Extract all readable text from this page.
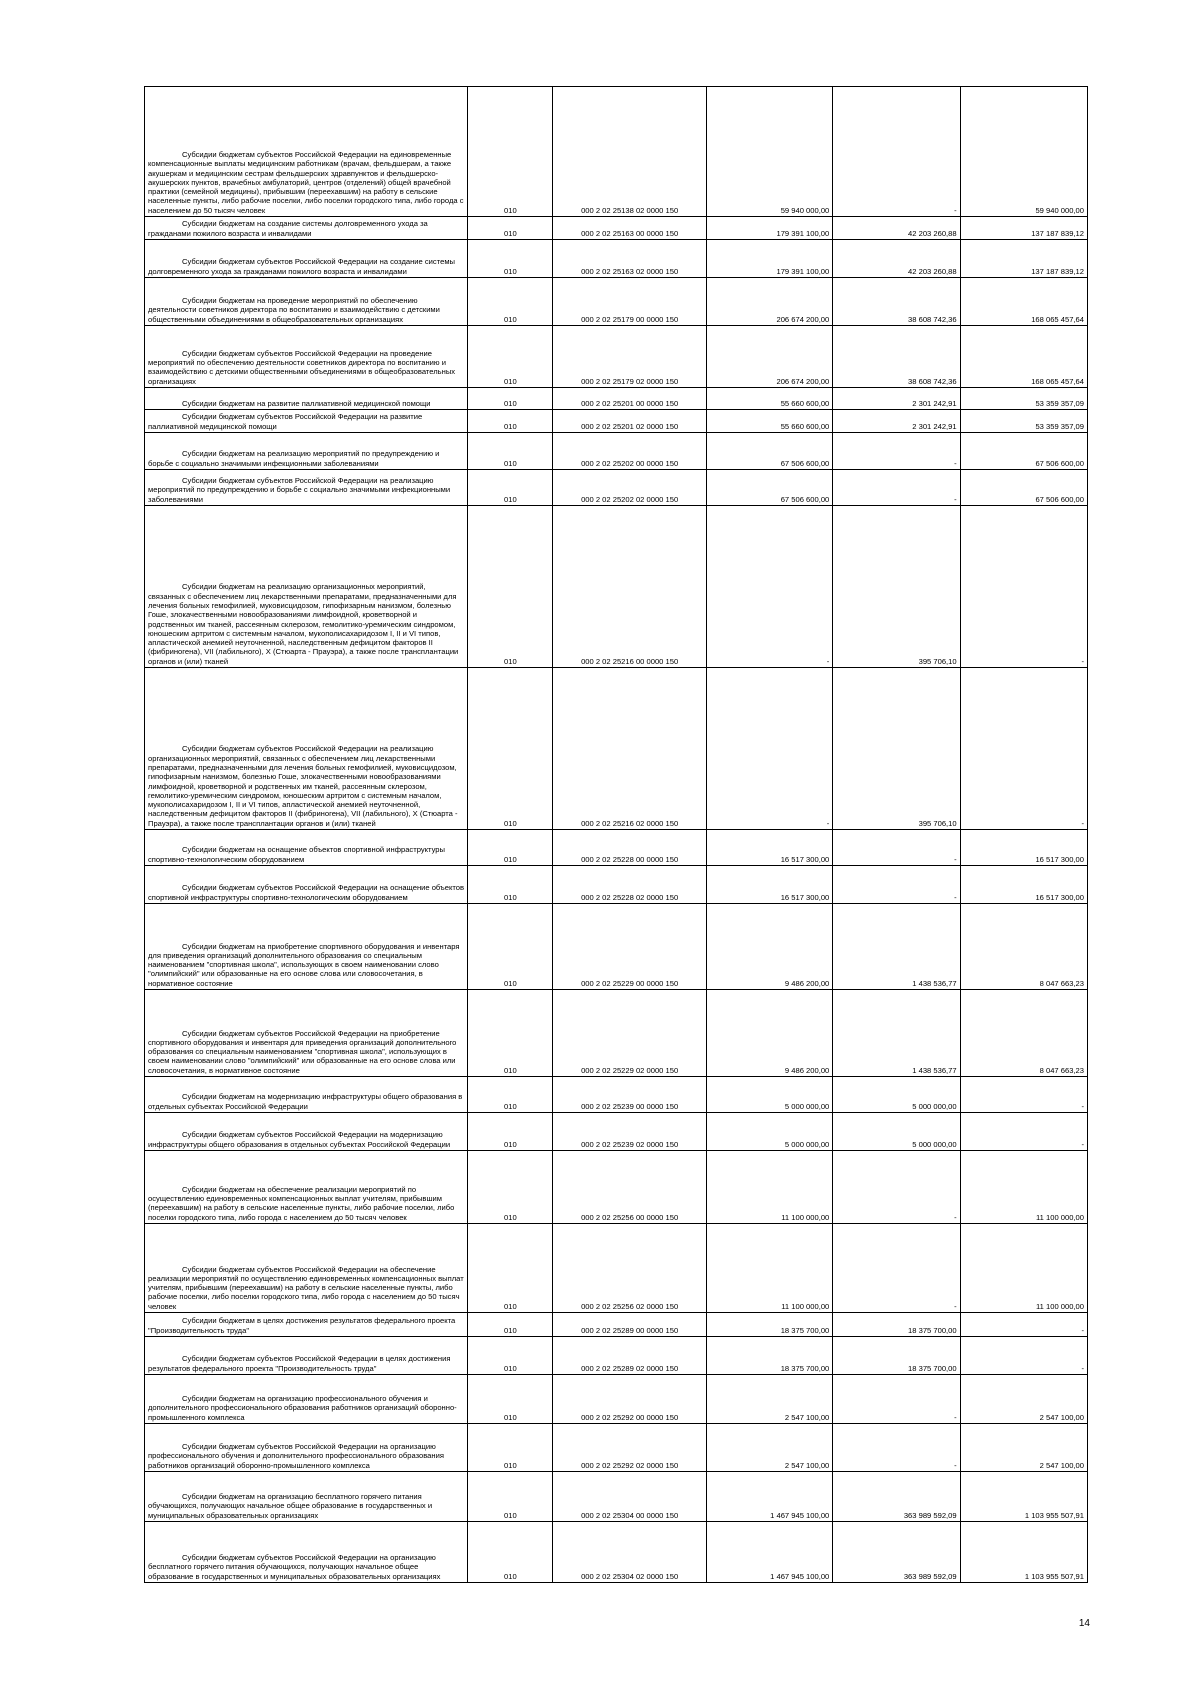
Субсидии бюджетам субъектов Российской Федерации на единовременные компенсационные выплаты медицинским работникам (врачам, фельдшерам, а также акушеркам и медицинским сестрам фельдшерских здравпунктов и фельдшерско-акушерских пунктов, врачебных амбулаторий, центров (отделений) общей врачебной практики (семейной медицины), прибывшим (переехавшим) на работу в сельские населенные пункты, либо рабочие поселки, либо поселки городского типа, либо города с населением до 50 тысяч человек	010	000 2 02 25138 02 0000 150	59 940 000,00	-	59 940 000,00
Субсидии бюджетам на создание системы долговременного ухода за гражданами пожилого возраста и инвалидами	010	000 2 02 25163 00 0000 150	179 391 100,00	42 203 260,88	137 187 839,12
Субсидии бюджетам субъектов Российской Федерации на создание системы долговременного ухода за гражданами пожилого возраста и инвалидами	010	000 2 02 25163 02 0000 150	179 391 100,00	42 203 260,88	137 187 839,12
Субсидии бюджетам на проведение мероприятий по обеспечению деятельности советников директора по воспитанию и взаимодействию с детскими общественными объединениями в общеобразовательных организациях	010	000 2 02 25179 00 0000 150	206 674 200,00	38 608 742,36	168 065 457,64
Субсидии бюджетам субъектов Российской Федерации на проведение мероприятий по обеспечению деятельности советников директора по воспитанию и взаимодействию с детскими общественными объединениями в общеобразовательных организациях	010	000 2 02 25179 02 0000 150	206 674 200,00	38 608 742,36	168 065 457,64
Субсидии бюджетам на развитие паллиативной медицинской помощи	010	000 2 02 25201 00 0000 150	55 660 600,00	2 301 242,91	53 359 357,09
Субсидии бюджетам субъектов Российской Федерации на развитие паллиативной медицинской помощи	010	000 2 02 25201 02 0000 150	55 660 600,00	2 301 242,91	53 359 357,09
Субсидии бюджетам на реализацию мероприятий по предупреждению и борьбе с социально значимыми инфекционными заболеваниями	010	000 2 02 25202 00 0000 150	67 506 600,00	-	67 506 600,00
Субсидии бюджетам субъектов Российской Федерации на реализацию мероприятий по предупреждению и борьбе с социально значимыми инфекционными заболеваниями	010	000 2 02 25202 02 0000 150	67 506 600,00	-	67 506 600,00
Субсидии бюджетам на реализацию организационных мероприятий, связанных с обеспечением лиц лекарственными препаратами, предназначенными для лечения больных гемофилией, муковисцидозом, гипофизарным нанизмом, болезнью Гоше, злокачественными новообразованиями лимфоидной, кроветворной и родственных им тканей, рассеянным склерозом, гемолитико-уремическим синдромом, юношеским артритом с системным началом, мукополисахаридозом I, II и VI типов, апластической анемией неуточненной, наследственным дефицитом факторов II (фибриногена), VII (лабильного), X (Стюарта - Прауэра), а также после трансплантации органов и (или) тканей	010	000 2 02 25216 00 0000 150	-	395 706,10	-
Субсидии бюджетам субъектов Российской Федерации на реализацию организационных мероприятий, связанных с обеспечением лиц лекарственными препаратами, предназначенными для лечения больных гемофилией, муковисцидозом, гипофизарным нанизмом, болезнью Гоше, злокачественными новообразованиями лимфоидной, кроветворной и родственных им тканей, рассеянным склерозом, гемолитико-уремическим синдромом, юношеским артритом с системным началом, мукополисахаридозом I, II и VI типов, апластической анемией неуточненной, наследственным дефицитом факторов II (фибриногена), VII (лабильного), X (Стюарта - Прауэра), а также после трансплантации органов и (или) тканей	010	000 2 02 25216 02 0000 150	-	395 706,10	-
Субсидии бюджетам на оснащение объектов спортивной инфраструктуры спортивно-технологическим оборудованием	010	000 2 02 25228 00 0000 150	16 517 300,00	-	16 517 300,00
Субсидии бюджетам субъектов Российской Федерации на оснащение объектов спортивной инфраструктуры спортивно-технологическим оборудованием	010	000 2 02 25228 02 0000 150	16 517 300,00	-	16 517 300,00
Субсидии бюджетам на приобретение спортивного оборудования и инвентаря для приведения организаций дополнительного образования со специальным наименованием "спортивная школа", использующих в своем наименовании слово "олимпийский" или образованные на его основе слова или словосочетания, в нормативное состояние	010	000 2 02 25229 00 0000 150	9 486 200,00	1 438 536,77	8 047 663,23
Субсидии бюджетам субъектов Российской Федерации на приобретение спортивного оборудования и инвентаря для приведения организаций дополнительного образования со специальным наименованием "спортивная школа", использующих в своем наименовании слово "олимпийский" или образованные на его основе слова или словосочетания, в нормативное состояние	010	000 2 02 25229 02 0000 150	9 486 200,00	1 438 536,77	8 047 663,23
Субсидии бюджетам на модернизацию инфраструктуры общего образования в отдельных субъектах Российской Федерации	010	000 2 02 25239 00 0000 150	5 000 000,00	5 000 000,00	-
Субсидии бюджетам субъектов Российской Федерации на модернизацию инфраструктуры общего образования в отдельных субъектах Российской Федерации	010	000 2 02 25239 02 0000 150	5 000 000,00	5 000 000,00	-
Субсидии бюджетам на обеспечение реализации мероприятий по осуществлению единовременных компенсационных выплат учителям, прибывшим (переехавшим) на работу в сельские населенные пункты, либо рабочие поселки, либо поселки городского типа, либо города с населением до 50 тысяч человек	010	000 2 02 25256 00 0000 150	11 100 000,00	-	11 100 000,00
Субсидии бюджетам субъектов Российской Федерации на обеспечение реализации мероприятий по осуществлению единовременных компенсационных выплат учителям, прибывшим (переехавшим) на работу в сельские населенные пункты, либо рабочие поселки, либо поселки городского типа, либо города с населением до 50 тысяч человек	010	000 2 02 25256 02 0000 150	11 100 000,00	-	11 100 000,00
Субсидии бюджетам в целях достижения результатов федерального проекта "Производительность труда"	010	000 2 02 25289 00 0000 150	18 375 700,00	18 375 700,00	-
Субсидии бюджетам субъектов Российской Федерации в целях достижения результатов федерального проекта "Производительность труда"	010	000 2 02 25289 02 0000 150	18 375 700,00	18 375 700,00	-
Субсидии бюджетам на организацию профессионального обучения и дополнительного профессионального образования работников организаций оборонно-промышленного комплекса	010	000 2 02 25292 00 0000 150	2 547 100,00	-	2 547 100,00
Субсидии бюджетам субъектов Российской Федерации на организацию профессионального обучения и дополнительного профессионального образования работников организаций оборонно-промышленного комплекса	010	000 2 02 25292 02 0000 150	2 547 100,00	-	2 547 100,00
Субсидии бюджетам на организацию бесплатного горячего питания обучающихся, получающих начальное общее образование в государственных и муниципальных образовательных организациях	010	000 2 02 25304 00 0000 150	1 467 945 100,00	363 989 592,09	1 103 955 507,91
Субсидии бюджетам субъектов Российской Федерации на организацию бесплатного горячего питания обучающихся, получающих начальное общее образование в государственных и муниципальных образовательных организациях	010	000 2 02 25304 02 0000 150	1 467 945 100,00	363 989 592,09	1 103 955 507,91
14
